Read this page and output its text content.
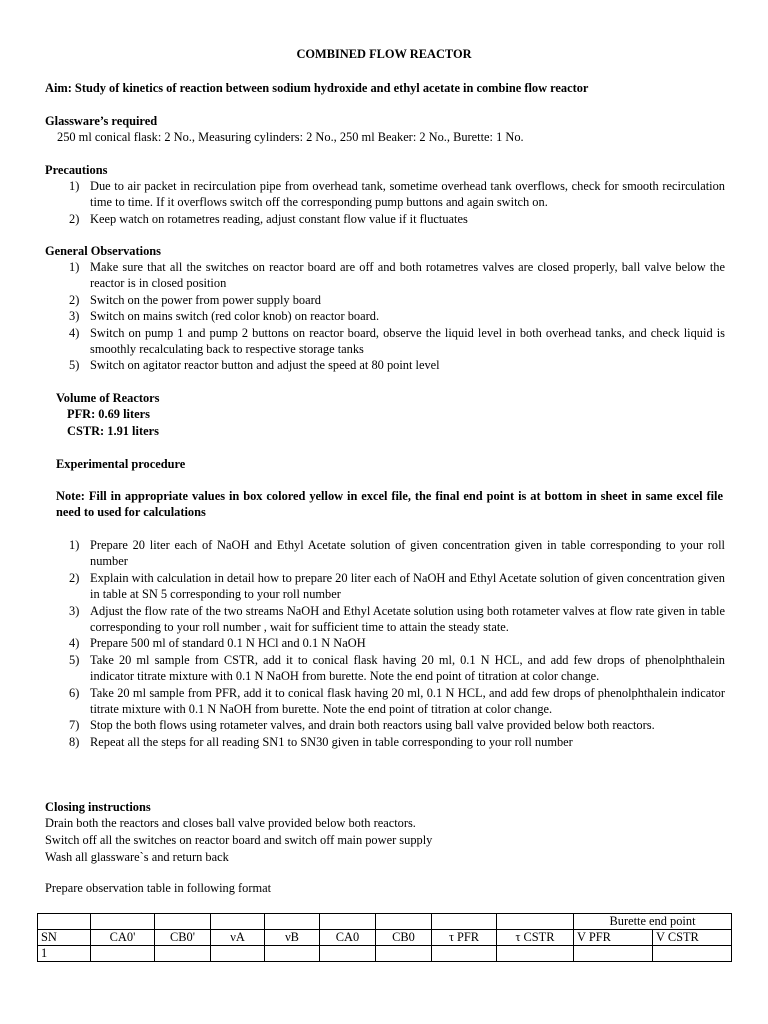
COMBINED FLOW REACTOR
Aim: Study of kinetics of reaction between sodium hydroxide and ethyl acetate in combine flow reactor
Glassware’s required
250 ml conical flask: 2 No., Measuring cylinders: 2 No., 250 ml Beaker: 2 No., Burette: 1 No.
Precautions
1) Due to air packet in recirculation pipe from overhead tank, sometime overhead tank overflows, check for smooth recirculation time to time. If it overflows switch off the corresponding pump buttons and again switch on.
2) Keep watch on rotametres reading, adjust constant flow value if it fluctuates
General Observations
1) Make sure that all the switches on reactor board are off and both rotametres valves are closed properly, ball valve below the reactor is in closed position
2) Switch on the power from power supply board
3) Switch on mains switch (red color knob) on reactor board.
4) Switch on pump 1 and pump 2 buttons on reactor board, observe the liquid level in both overhead tanks, and check liquid is smoothly recalculating back to respective storage tanks
5) Switch on agitator reactor button and adjust the speed at 80 point level
Volume of Reactors
PFR: 0.69 liters
CSTR: 1.91 liters
Experimental procedure
Note: Fill in appropriate values in box colored yellow in excel file, the final end point is at bottom in sheet in same excel file need to used for calculations
1) Prepare 20 liter each of NaOH and Ethyl Acetate solution of given concentration given in table corresponding to your roll number
2) Explain with calculation in detail how to prepare 20 liter each of NaOH and Ethyl Acetate solution of given concentration given in table at SN 5 corresponding to your roll number
3) Adjust the flow rate of the two streams NaOH and Ethyl Acetate solution using both rotameter valves at flow rate given in table corresponding to your roll number , wait for sufficient time to attain the steady state.
4) Prepare 500 ml of standard 0.1 N HCl and 0.1 N NaOH
5) Take 20 ml sample from CSTR, add it to conical flask having 20 ml, 0.1 N HCL, and add few drops of phenolphthalein indicator titrate mixture with 0.1 N NaOH from burette. Note the end point of titration at color change.
6) Take 20 ml sample from PFR, add it to conical flask having 20 ml, 0.1 N HCL, and add few drops of phenolphthalein indicator titrate mixture with 0.1 N NaOH from burette. Note the end point of titration at color change.
7) Stop the both flows using rotameter valves, and drain both reactors using ball valve provided below both reactors.
8) Repeat all the steps for all reading SN1 to SN30 given in table corresponding to your roll number
Closing instructions
Drain both the reactors and closes ball valve provided below both reactors.
Switch off all the switches on reactor board and switch off main power supply
Wash all glassware`s and return back
Prepare observation table in following format
									Burette end point	
SN	CA0'	CB0'	νA	νB	CA0	CB0	τ PFR	τ CSTR	V PFR	V CSTR
1										
